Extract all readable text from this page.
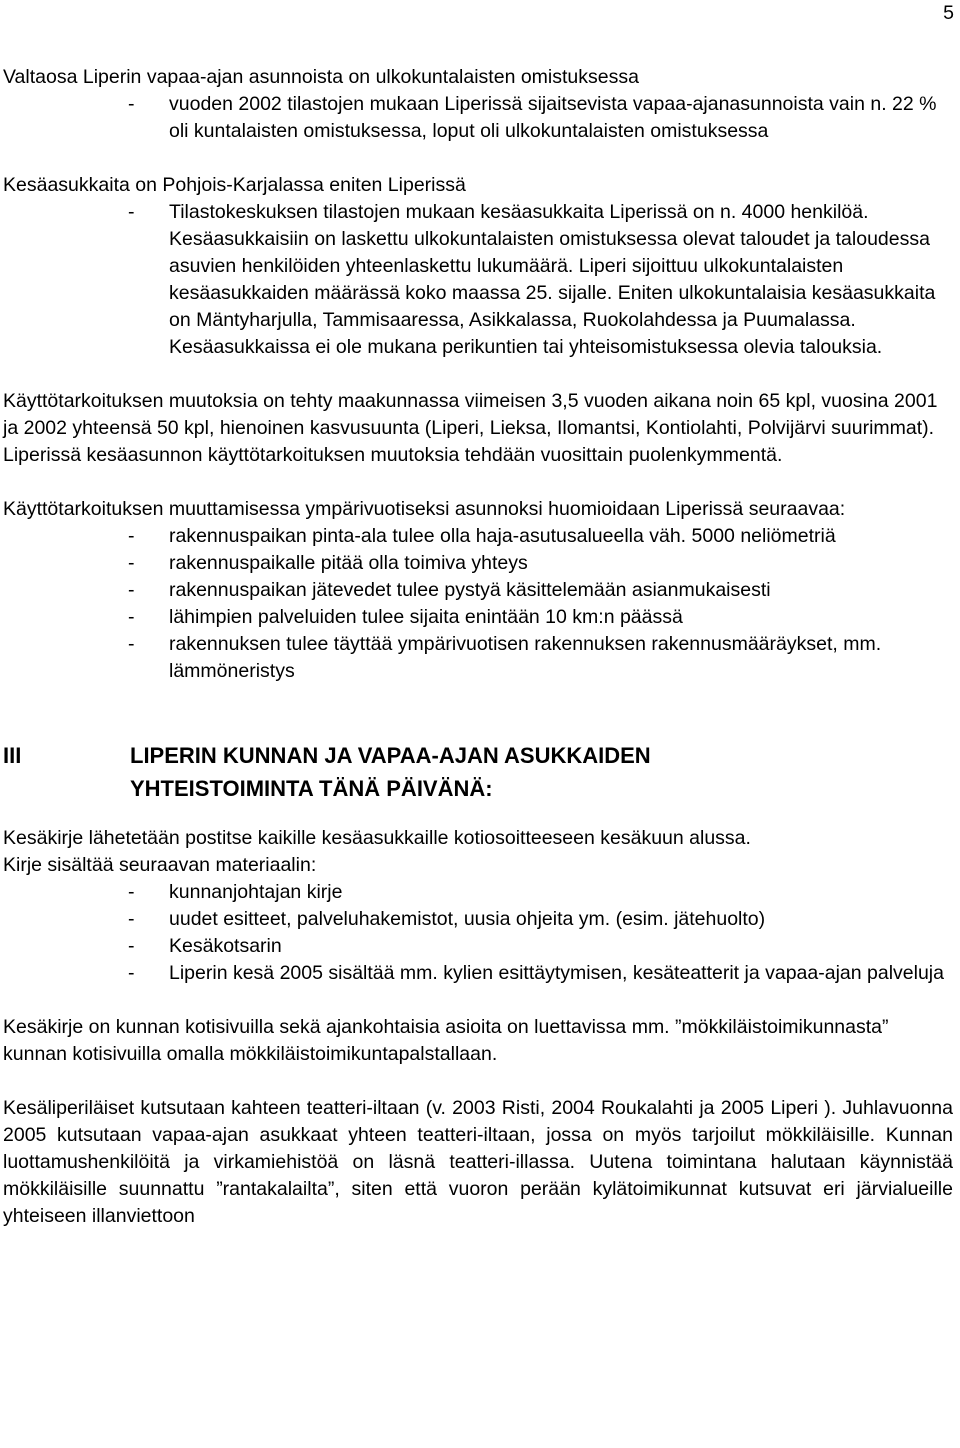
5

Valtaosa Liperin vapaa-ajan asunnoista on ulkokuntalaisten omistuksessa

- vuoden 2002 tilastojen mukaan Liperissä sijaitsevista vapaa-ajanasunnoista vain n. 22 % oli kuntalaisten omistuksessa, loput oli ulkokuntalaisten omistuksessa

Kesäasukkaita on Pohjois-Karjalassa eniten Liperissä

- Tilastokeskuksen tilastojen mukaan kesäasukkaita Liperissä on n. 4000 henkilöä. Kesäasukkaisiin on laskettu ulkokuntalaisten omistuksessa olevat taloudet ja taloudessa asuvien henkilöiden yhteenlaskettu lukumäärä. Liperi sijoittuu ulkokuntalaisten kesäasukkaiden määrässä koko maassa 25. sijalle. Eniten ulkokuntalaisia kesäasukkaita on Mäntyharjulla, Tammisaaressa, Asikkalassa, Ruokolahdessa ja Puumalassa. Kesäasukkaissa ei ole mukana perikuntien tai yhteisomistuksessa olevia talouksia.

Käyttötarkoituksen muutoksia on tehty maakunnassa viimeisen 3,5 vuoden aikana noin 65 kpl, vuosina 2001 ja 2002 yhteensä 50 kpl, hienoinen kasvusuunta (Liperi, Lieksa, Ilomantsi, Kontiolahti, Polvijärvi suurimmat). Liperissä kesäasunnon käyttötarkoituksen muutoksia tehdään vuosittain puolenkymmentä.

Käyttötarkoituksen muuttamisessa ympärivuotiseksi asunnoksi huomioidaan Liperissä seuraavaa:

- rakennuspaikan pinta-ala tulee olla haja-asutusalueella väh. 5000 neliömetriä
- rakennuspaikalle pitää olla toimiva yhteys
- rakennuspaikan jätevedet tulee pystyä käsittelemään asianmukaisesti
- lähimpien palveluiden tulee sijaita enintään 10 km:n päässä
- rakennuksen tulee täyttää ympärivuotisen rakennuksen rakennusmääräykset, mm. lämmöneristys
III	LIPERIN KUNNAN JA VAPAA-AJAN ASUKKAIDEN
YHTEISTOIMINTA TÄNÄ PÄIVÄNÄ:

Kesäkirje lähetetään postitse kaikille kesäasukkaille kotiosoitteeseen kesäkuun alussa.

Kirje sisältää seuraavan materiaalin:

- kunnanjohtajan kirje
- uudet esitteet, palveluhakemistot, uusia ohjeita ym. (esim. jätehuolto)
- Kesäkotsarin
- Liperin kesä 2005 sisältää mm. kylien esittäytymisen, kesäteatterit ja vapaa-ajan palveluja

Kesäkirje on kunnan kotisivuilla sekä ajankohtaisia asioita on luettavissa mm. ”mökkiläistoimikunnasta” kunnan kotisivuilla omalla mökkiläistoimikuntapalstallaan.

Kesäliperiläiset kutsutaan kahteen teatteri-iltaan (v. 2003 Risti, 2004 Roukalahti ja 2005 Liperi ). Juhlavuonna 2005 kutsutaan vapaa-ajan asukkaat yhteen teatteri-iltaan, jossa on myös tarjoilut mökkiläisille. Kunnan luottamushenkilöitä ja virkamiehistöä on läsnä teatteri-illassa. Uutena toimintana halutaan käynnistää mökkiläisille suunnattu ”rantakalailta”, siten että vuoron perään kylätoimikunnat kutsuvat eri järvialueille yhteiseen illanviettoon
